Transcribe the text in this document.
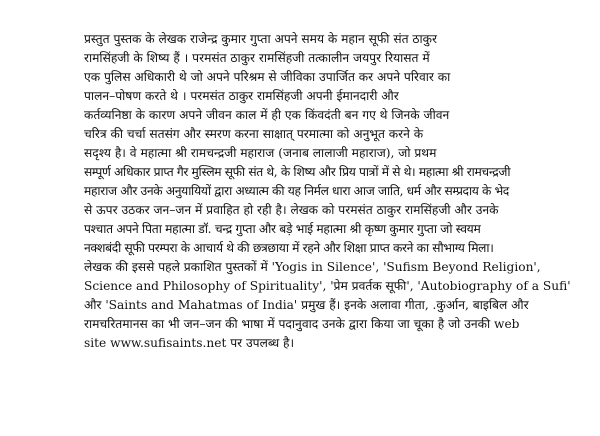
प्रस्तुत पुस्तक के लेखक राजेन्द्र कुमार गुप्ता अपने समय के महान सूफी संत ठाकुर
रामसिंहजी के शिष्य हैं । परमसंत ठाकुर रामसिंहजी तत्कालीन जयपुर रियासत में
एक पुलिस अधिकारी थे जो अपने परिश्रम से जीविका उपार्जित कर अपने परिवार का
पालन–पोषण करते थे । परमसंत ठाकुर रामसिंहजी अपनी ईमानदारी और
कर्तव्यनिष्ठा के कारण अपने जीवन काल में ही एक किंवदंती बन गए थे जिनके जीवन
चरित्र की चर्चा सतसंग और स्मरण करना साक्षात् परमात्मा को अनुभूत करने के
सदृश्य है। वे महात्मा श्री रामचन्द्रजी महाराज (जनाब लालाजी महाराज), जो प्रथम
सम्पूर्ण अधिकार प्राप्त गैर मुस्लिम सूफी संत थे, के शिष्य और प्रिय पात्रों में से थे। महात्मा श्री रामचन्द्रजी
महाराज और उनके अनुयायियों द्वारा अध्यात्म की यह निर्मल धारा आज जाति, धर्म और सम्प्रदाय के भेद
से ऊपर उठकर जन–जन में प्रवाहित हो रही है। लेखक को परमसंत ठाकुर रामसिंहजी और उनके
पश्चात अपने पिता महात्मा डॉ. चन्द्र गुप्ता और बड़े भाई महात्मा श्री कृष्ण कुमार गुप्ता जो स्वयम
नक्शबंदी सूफी परम्परा के आचार्य थे की छत्रछाया में रहने और शिक्षा प्राप्त करने का सौभाग्य मिला।
लेखक की इससे पहले प्रकाशित पुस्तकों में 'Yogis in Silence', 'Sufism Beyond Religion',
Science and Philosophy of Spirituality', 'प्रेम प्रवर्तक सूफी', 'Autobiography of a Sufi'
और 'Saints and Mahatmas of India' प्रमुख हैं। इनके अलावा गीता, .कुर्आन, बाइबिल और
रामचरितमानस का भी जन–जन की भाषा में पदानुवाद उनके द्वारा किया जा चूका है जो उनकी web
site www.sufisaints.net पर उपलब्ध है।
